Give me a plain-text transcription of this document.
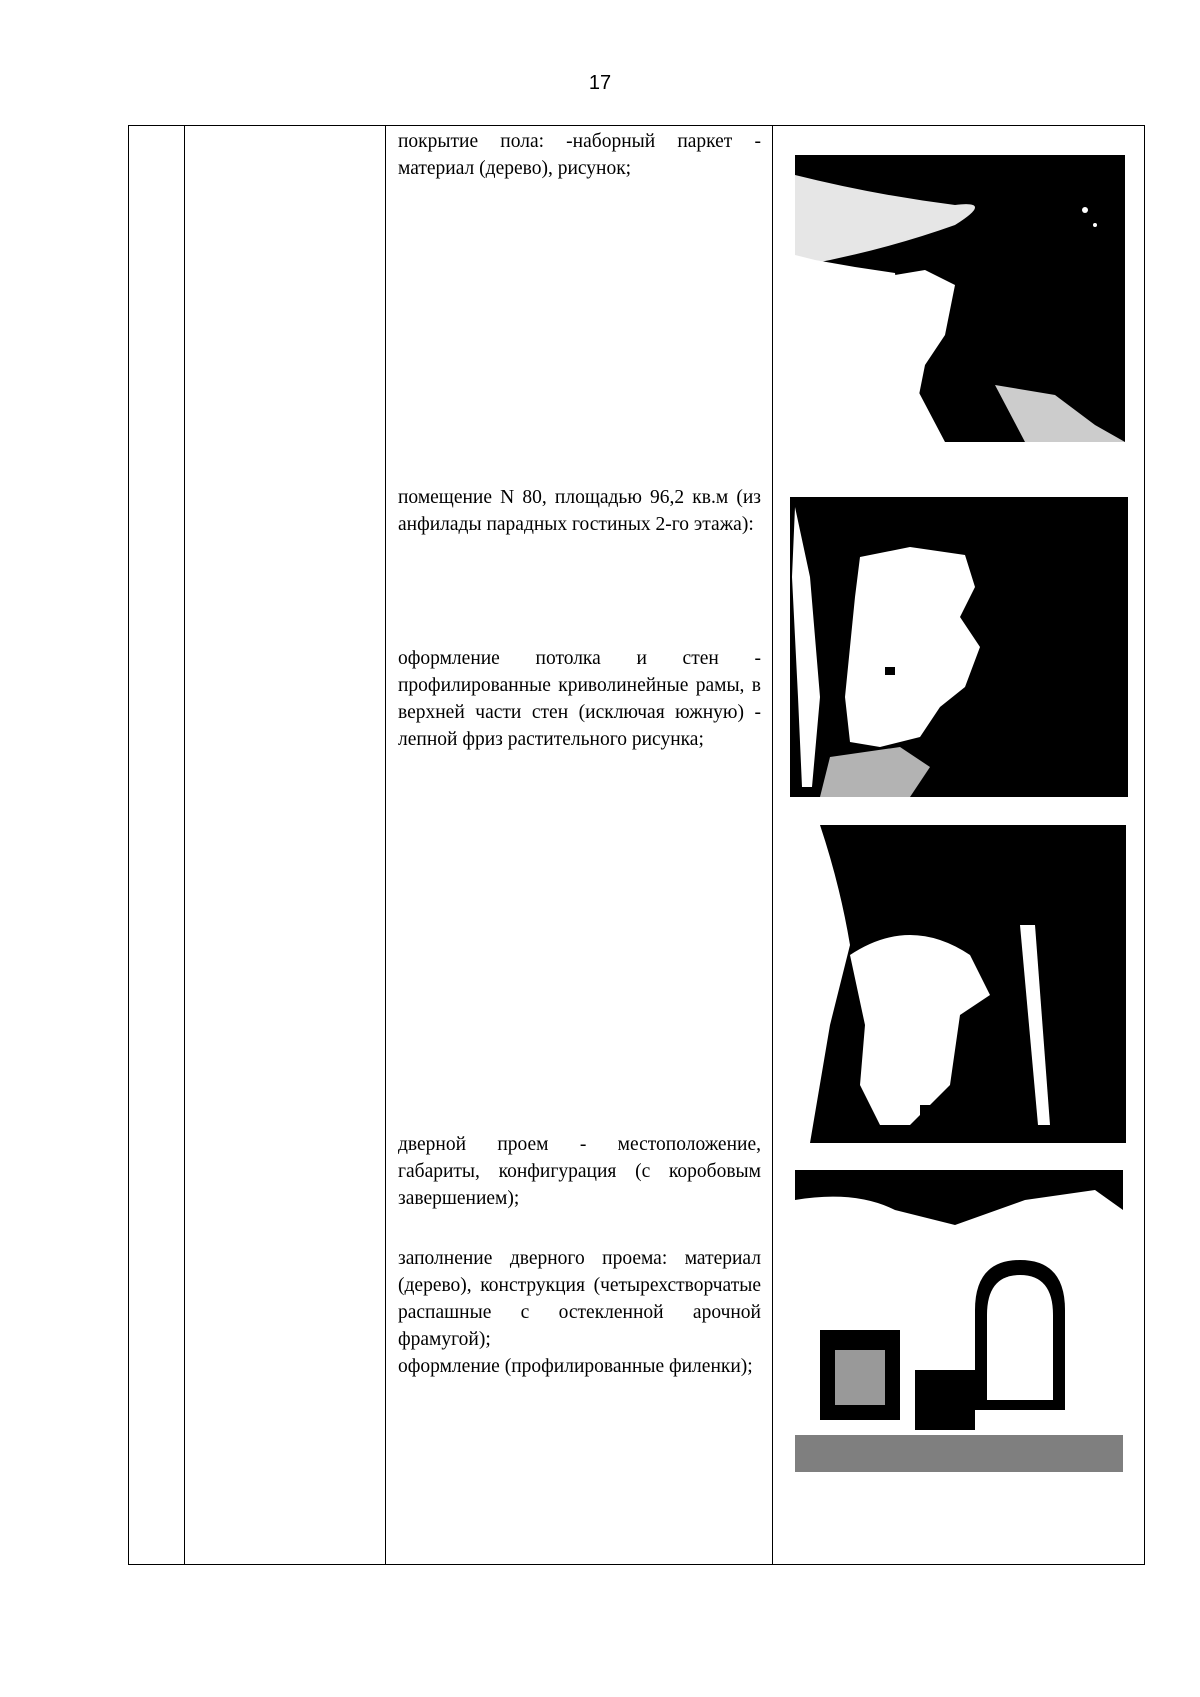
17

покрытие пола: -наборный паркет - материал (дерево), рисунок;

помещение N 80, площадью 96,2 кв.м (из анфилады парадных гостиных 2-го этажа):

оформление потолка и стен - профилированные криволинейные рамы, в верхней части стен (исключая южную) - лепной фриз растительного рисунка;

дверной проем - местоположение, габариты, конфигурация (с коробовым завершением);

заполнение дверного проема: материал (дерево), конструкция (четырехстворчатые распашные с остекленной арочной фрамугой);

оформление (профилированные филенки);
